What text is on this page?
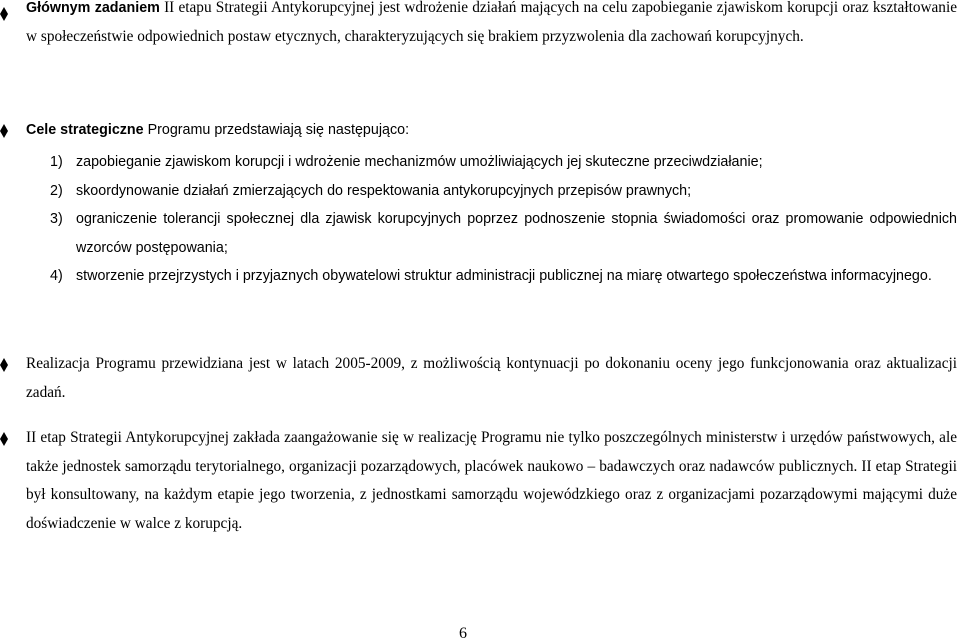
Głównym zadaniem II etapu Strategii Antykorupcyjnej jest wdrożenie działań mających na celu zapobieganie zjawiskom korupcji oraz kształtowanie w społeczeństwie odpowiednich postaw etycznych, charakteryzujących się brakiem przyzwolenia dla zachowań korupcyjnych.
Cele strategiczne Programu przedstawiają się następująco:
1) zapobieganie zjawiskom korupcji i wdrożenie mechanizmów umożliwiających jej skuteczne przeciwdziałanie;
2) skoordynowanie działań zmierzających do respektowania antykorupcyjnych przepisów prawnych;
3) ograniczenie tolerancji społecznej dla zjawisk korupcyjnych poprzez podnoszenie stopnia świadomości oraz promowanie odpowiednich wzorców postępowania;
4) stworzenie przejrzystych i przyjaznych obywatelowi struktur administracji publicznej na miarę otwartego społeczeństwa informacyjnego.
Realizacja Programu przewidziana jest w latach 2005-2009, z możliwością kontynuacji po dokonaniu oceny jego funkcjonowania oraz aktualizacji zadań.
II etap Strategii Antykorupcyjnej zakłada zaangażowanie się w realizację Programu nie tylko poszczególnych ministerstw i urzędów państwowych, ale także jednostek samorządu terytorialnego, organizacji pozarządowych, placówek naukowo – badawczych oraz nadawców publicznych. II etap Strategii był konsultowany, na każdym etapie jego tworzenia, z jednostkami samorządu wojewódzkiego oraz z organizacjami pozarządowymi mającymi duże doświadczenie w walce z korupcją.
6
